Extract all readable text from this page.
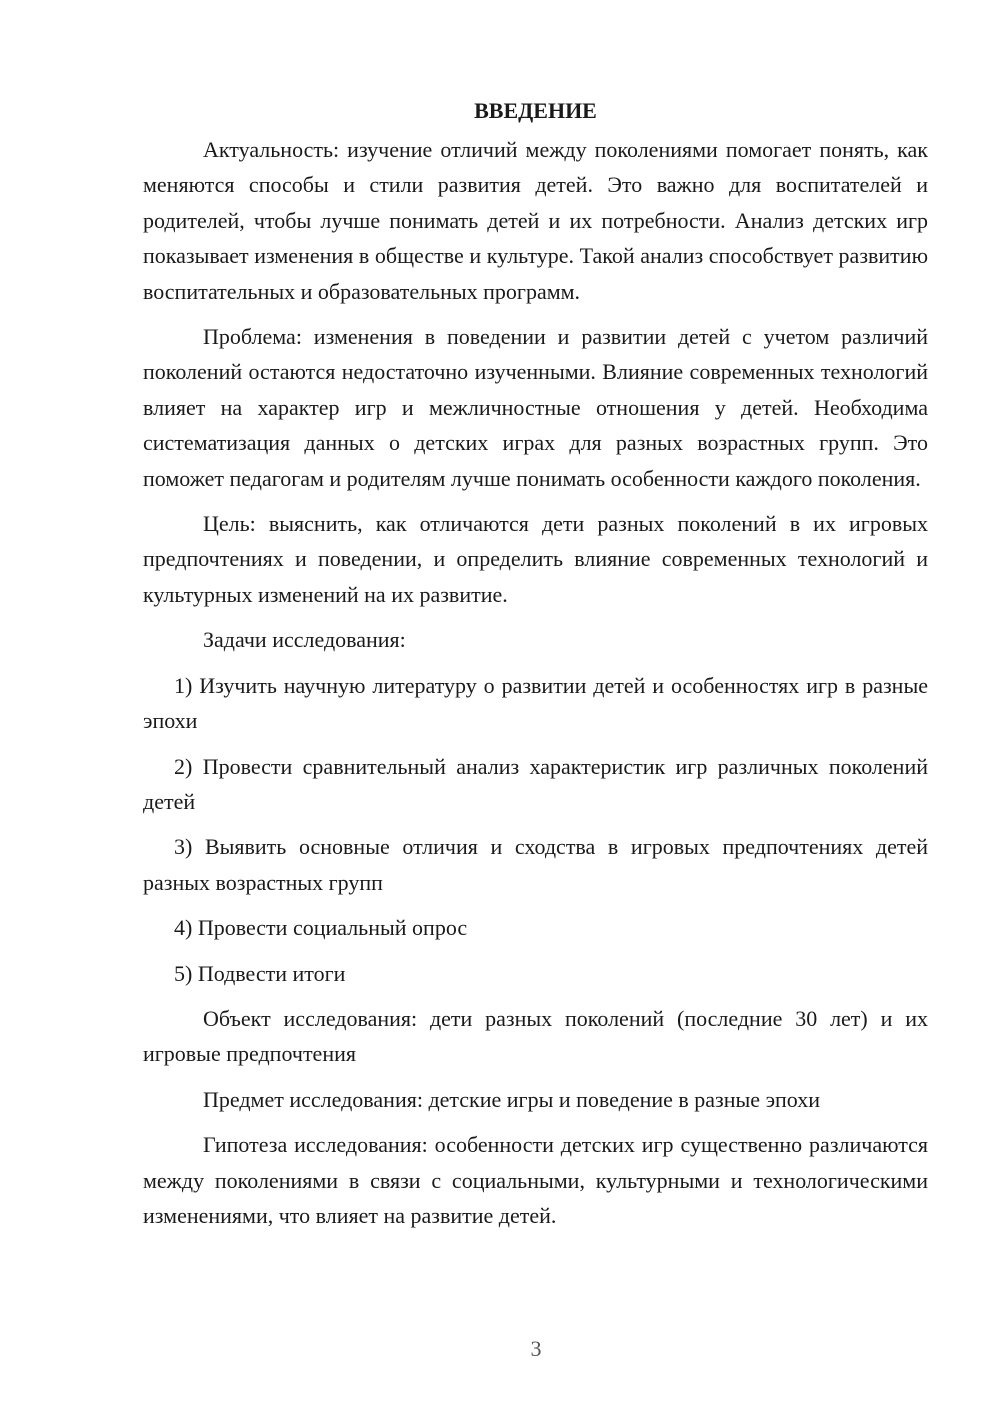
ВВЕДЕНИЕ

Актуальность: изучение отличий между поколениями помогает понять, как меняются способы и стили развития детей. Это важно для воспитателей и родителей, чтобы лучше понимать детей и их потребности. Анализ детских игр показывает изменения в обществе и культуре. Такой анализ способствует развитию воспитательных и образовательных программ.

Проблема: изменения в поведении и развитии детей с учетом различий поколений остаются недостаточно изученными. Влияние современных технологий влияет на характер игр и межличностные отношения у детей. Необходима систематизация данных о детских играх для разных возрастных групп. Это поможет педагогам и родителям лучше понимать особенности каждого поколения.

Цель: выяснить, как отличаются дети разных поколений в их игровых предпочтениях и поведении, и определить влияние современных технологий и культурных изменений на их развитие.

Задачи исследования:

1) Изучить научную литературу о развитии детей и особенностях игр в разные эпохи

2) Провести сравнительный анализ характеристик игр различных поколений детей

3) Выявить основные отличия и сходства в игровых предпочтениях детей разных возрастных групп

4) Провести социальный опрос

5) Подвести итоги

Объект исследования: дети разных поколений (последние 30 лет) и их игровые предпочтения

Предмет исследования: детские игры и поведение в разные эпохи

Гипотеза исследования: особенности детских игр существенно различаются между поколениями в связи с социальными, культурными и технологическими изменениями, что влияет на развитие детей.

3
